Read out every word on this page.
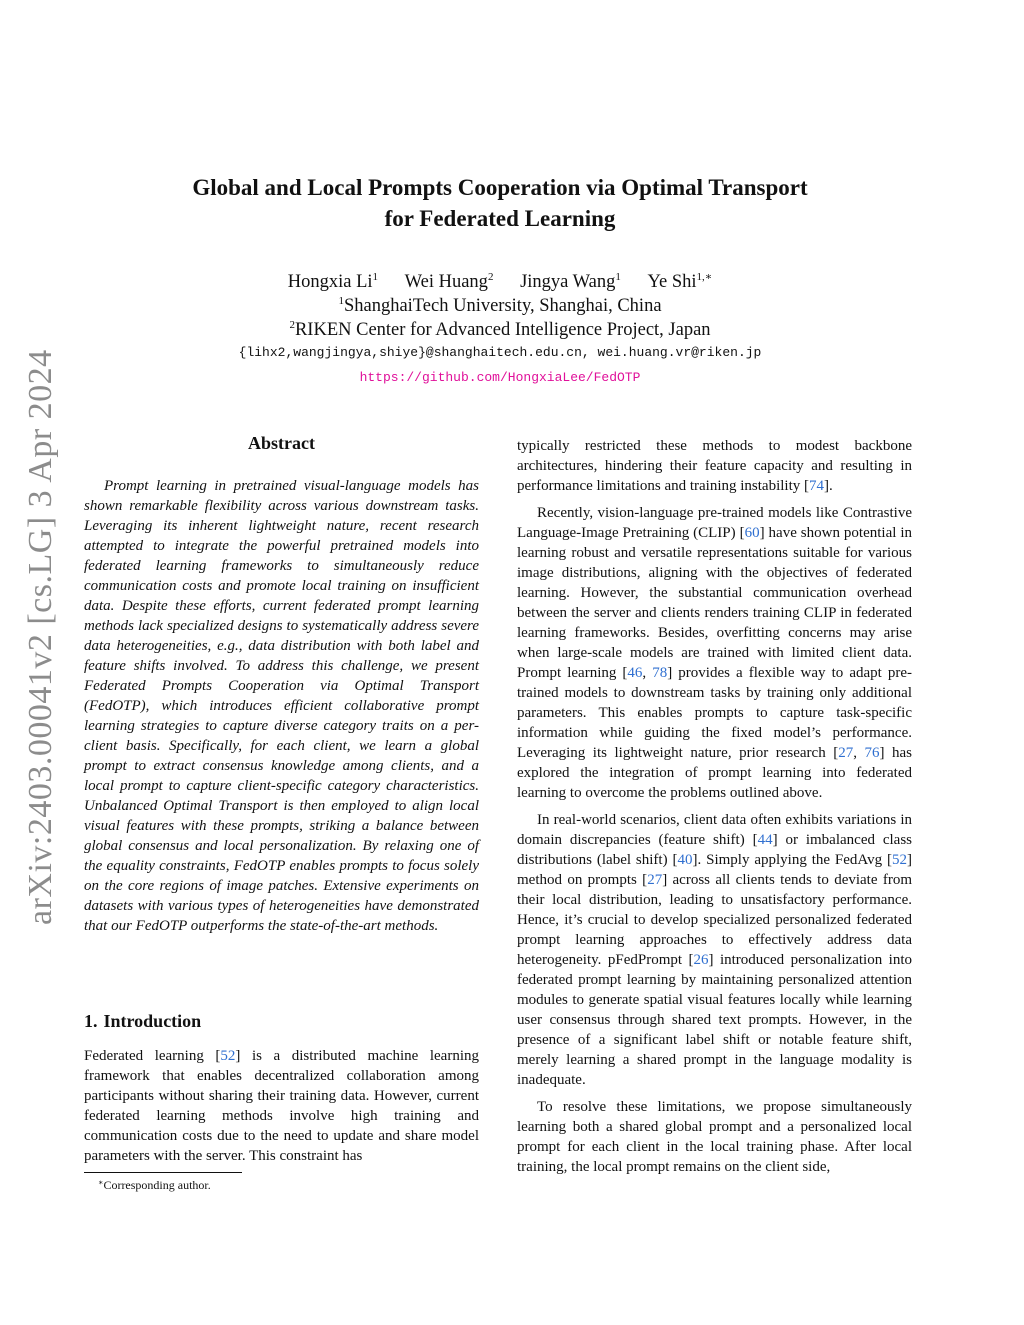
arXiv:2403.00041v2 [cs.LG] 3 Apr 2024
Global and Local Prompts Cooperation via Optimal Transport
for Federated Learning
Hongxia Li$^1$ Wei Huang$^2$ Jingya Wang$^1$ Ye Shi$^{1,∗}$
$^1$ShanghaiTech University, Shanghai, China
$^2$RIKEN Center for Advanced Intelligence Project, Japan
{lihx2,wangjingya,shiye}@shanghaitech.edu.cn, wei.huang.vr@riken.jp
https://github.com/HongxiaLee/FedOTP
Abstract

Prompt learning in pretrained visual-language models has shown remarkable flexibility across various downstream tasks. Leveraging its inherent lightweight nature, recent research attempted to integrate the powerful pretrained models into federated learning frameworks to simultaneously reduce communication costs and promote local training on insufficient data. Despite these efforts, current federated prompt learning methods lack specialized designs to systematically address severe data heterogeneities, e.g., data distribution with both label and feature shifts involved. To address this challenge, we present Federated Prompts Cooperation via Optimal Transport (FedOTP), which introduces efficient collaborative prompt learning strategies to capture diverse category traits on a per-client basis. Specifically, for each client, we learn a global prompt to extract consensus knowledge among clients, and a local prompt to capture client-specific category characteristics. Unbalanced Optimal Transport is then employed to align local visual features with these prompts, striking a balance between global consensus and local personalization. By relaxing one of the equality constraints, FedOTP enables prompts to focus solely on the core regions of image patches. Extensive experiments on datasets with various types of heterogeneities have demonstrated that our FedOTP outperforms the state-of-the-art methods.

1. Introduction

Federated learning [52] is a distributed machine learning framework that enables decentralized collaboration among participants without sharing their training data. However, current federated learning methods involve high training and communication costs due to the need to update and share model parameters with the server. This constraint has

typically restricted these methods to modest backbone architectures, hindering their feature capacity and resulting in performance limitations and training instability [74].

Recently, vision-language pre-trained models like Contrastive Language-Image Pretraining (CLIP) [60] have shown potential in learning robust and versatile representations suitable for various image distributions, aligning with the objectives of federated learning. However, the substantial communication overhead between the server and clients renders training CLIP in federated learning frameworks. Besides, overfitting concerns may arise when large-scale models are trained with limited client data. Prompt learning [46, 78] provides a flexible way to adapt pre-trained models to downstream tasks by training only additional parameters. This enables prompts to capture task-specific information while guiding the fixed model’s performance. Leveraging its lightweight nature, prior research [27, 76] has explored the integration of prompt learning into federated learning to overcome the problems outlined above.

In real-world scenarios, client data often exhibits variations in domain discrepancies (feature shift) [44] or imbalanced class distributions (label shift) [40]. Simply applying the FedAvg [52] method on prompts [27] across all clients tends to deviate from their local distribution, leading to unsatisfactory performance. Hence, it’s crucial to develop specialized personalized federated prompt learning approaches to effectively address data heterogeneity. pFedPrompt [26] introduced personalization into federated prompt learning by maintaining personalized attention modules to generate spatial visual features locally while learning user consensus through shared text prompts. However, in the presence of a significant label shift or notable feature shift, merely learning a shared prompt in the language modality is inadequate.

To resolve these limitations, we propose simultaneously learning both a shared global prompt and a personalized local prompt for each client in the local training phase. After local training, the local prompt remains on the client side,

∗Corresponding author.
